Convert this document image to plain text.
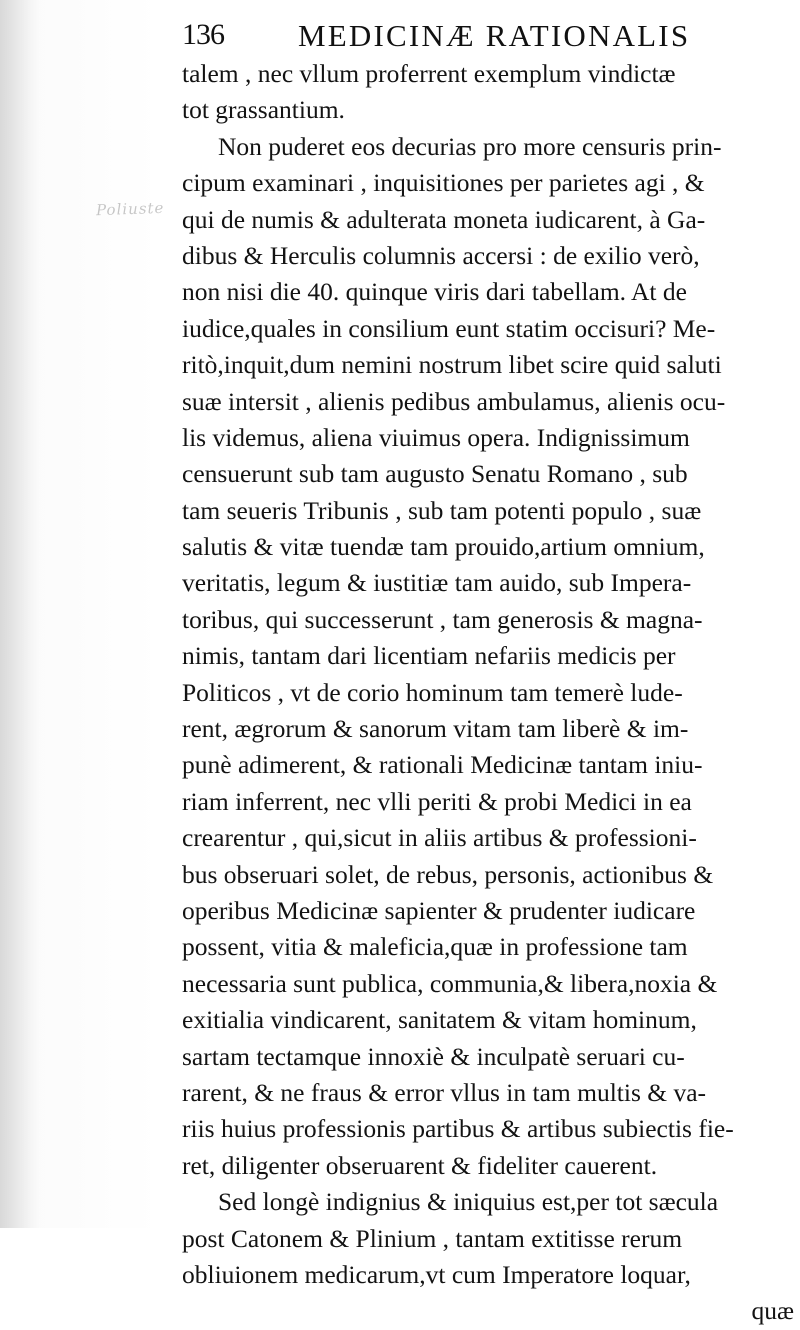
Poliuste
136 MEDICINÆ RATIONALIS
talem , nec vllum proferrent exemplum vindictæ
tot grassantium.
Non puderet eos decurias pro more censuris prin-
cipum examinari , inquisitiones per parietes agi , &
qui de numis & adulterata moneta iudicarent, à Ga-
dibus & Herculis columnis accersi : de exilio verò,
non nisi die 40. quinque viris dari tabellam. At de
iudice,quales in consilium eunt statim occisuri? Me-
ritò,inquit,dum nemini nostrum libet scire quid saluti
suæ intersit , alienis pedibus ambulamus, alienis ocu-
lis videmus, aliena viuimus opera. Indignissimum
censuerunt sub tam augusto Senatu Romano , sub
tam seueris Tribunis , sub tam potenti populo , suæ
salutis & vitæ tuendæ tam prouido,artium omnium,
veritatis, legum & iustitiæ tam auido, sub Impera-
toribus, qui successerunt , tam generosis & magna-
nimis, tantam dari licentiam nefariis medicis per
Politicos , vt de corio hominum tam temerè lude-
rent, ægrorum & sanorum vitam tam liberè & im-
punè adimerent, & rationali Medicinæ tantam iniu-
riam inferrent, nec vlli periti & probi Medici in ea
crearentur , qui,sicut in aliis artibus & professioni-
bus obseruari solet, de rebus, personis, actionibus &
operibus Medicinæ sapienter & prudenter iudicare
possent, vitia & maleficia,quæ in professione tam
necessaria sunt publica, communia,& libera,noxia &
exitialia vindicarent, sanitatem & vitam hominum,
sartam tectamque innoxiè & inculpatè seruari cu-
rarent, & ne fraus & error vllus in tam multis & va-
riis huius professionis partibus & artibus subiectis fie-
ret, diligenter obseruarent & fideliter cauerent.
Sed longè indignius & iniquius est,per tot sæcula
post Catonem & Plinium , tantam extitisse rerum
obliuionem medicarum,vt cum Imperatore loquar,
quæ
